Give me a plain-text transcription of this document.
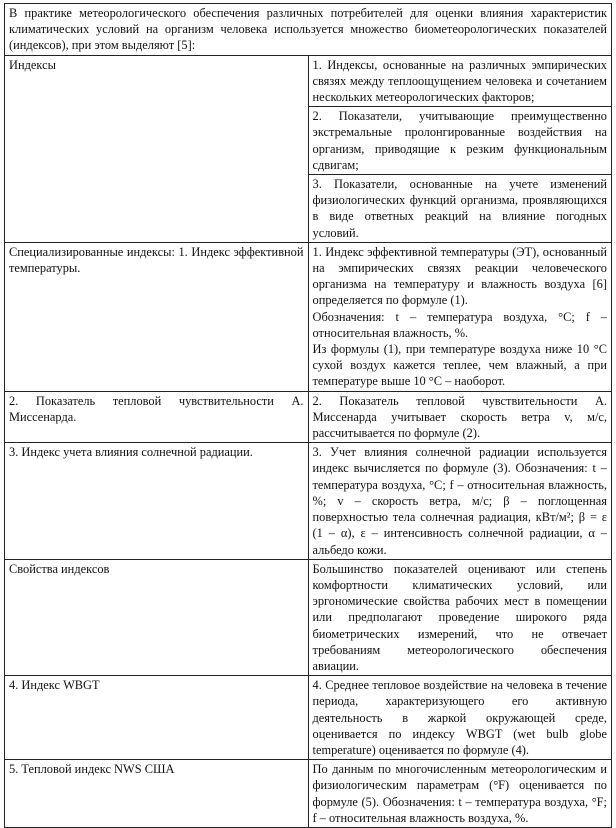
В практике метеорологического обеспечения различных потребителей для оценки влияния характеристик климатических условий на организм человека используется множество биометеорологических показателей (индексов), при этом выделяют [5]:	

Индексы	1. Индексы, основанные на различных эмпирических связях между теплоощущением человека и сочетанием нескольких метеорологических факторов;

	2. Показатели, учитывающие преимущественно экстремальные пролонгированные воздействия на организм, приводящие к резким функциональным сдвигам;

	3. Показатели, основанные на учете изменений физиологических функций организма, проявляющихся в виде ответных реакций на влияние погодных условий.

Специализированные индексы: 1. Индекс эффективной температуры.	1. Индекс эффективной температуры (ЭТ), основанный на эмпирических связях реакции человеческого организма на температуру и влажность воздуха [6] определяется по формуле (1).

Обозначения: t – температура воздуха, °С; f – относительная влажность, %.

Из формулы (1), при температуре воздуха ниже 10 °С сухой воздух кажется теплее, чем влажный, а при температуре выше 10 °С – наоборот.

2. Показатель тепловой чувствительности А. Миссенарда.	2. Показатель тепловой чувствительности А. Миссенарда учитывает скорость ветра v, м/с, рассчитывается по формуле (2).

3. Индекс учета влияния солнечной радиации.	3. Учет влияния солнечной радиации используется индекс вычисляется по формуле (3). Обозначения: t – температура воздуха, °С; f – относительная влажность, %; v – скорость ветра, м/с; β – поглощенная поверхностью тела солнечная радиация, кВт/м²; β = ε (1 – α), ε – интенсивность солнечной радиации, α – альбедо кожи.

Свойства индексов	Большинство показателей оценивают или степень комфортности климатических условий, или эргономические свойства рабочих мест в помещении или предполагают проведение широкого ряда биометрических измерений, что не отвечает требованиям метеорологического обеспечения авиации.

4. Индекс WBGT	4. Среднее тепловое воздействие на человека в течение периода, характеризующего его активную деятельность в жаркой окружающей среде, оценивается по индексу WBGT (wet bulb globe temperature) оценивается по формуле (4).

5. Тепловой индекс NWS США	По данным по многочисленным метеорологическим и физиологическим параметрам (°F) оценивается по формуле (5). Обозначения: t – температура воздуха, °F; f – относительная влажность воздуха, %.
